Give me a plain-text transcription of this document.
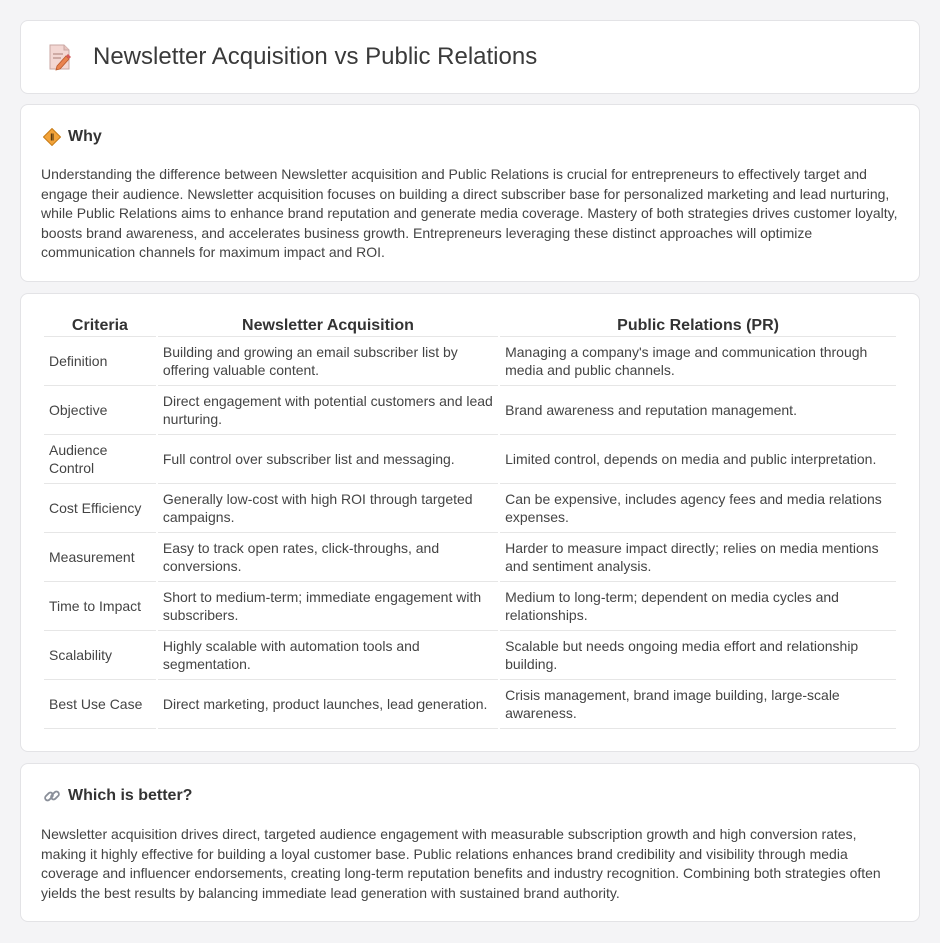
Newsletter Acquisition vs Public Relations
Why

Understanding the difference between Newsletter acquisition and Public Relations is crucial for entrepreneurs to effectively target and engage their audience. Newsletter acquisition focuses on building a direct subscriber base for personalized marketing and lead nurturing, while Public Relations aims to enhance brand reputation and generate media coverage. Mastery of both strategies drives customer loyalty, boosts brand awareness, and accelerates business growth. Entrepreneurs leveraging these distinct approaches will optimize communication channels for maximum impact and ROI.

Criteria	Newsletter Acquisition	Public Relations (PR)
Definition	Building and growing an email subscriber list by offering valuable content.	Managing a company's image and communication through media and public channels.
Objective	Direct engagement with potential customers and lead nurturing.	Brand awareness and reputation management.
Audience Control	Full control over subscriber list and messaging.	Limited control, depends on media and public interpretation.
Cost Efficiency	Generally low-cost with high ROI through targeted campaigns.	Can be expensive, includes agency fees and media relations expenses.
Measurement	Easy to track open rates, click-throughs, and conversions.	Harder to measure impact directly; relies on media mentions and sentiment analysis.
Time to Impact	Short to medium-term; immediate engagement with subscribers.	Medium to long-term; dependent on media cycles and relationships.
Scalability	Highly scalable with automation tools and segmentation.	Scalable but needs ongoing media effort and relationship building.
Best Use Case	Direct marketing, product launches, lead generation.	Crisis management, brand image building, large-scale awareness.
Which is better?

Newsletter acquisition drives direct, targeted audience engagement with measurable subscription growth and high conversion rates, making it highly effective for building a loyal customer base. Public relations enhances brand credibility and visibility through media coverage and influencer endorsements, creating long-term reputation benefits and industry recognition. Combining both strategies often yields the best results by balancing immediate lead generation with sustained brand authority.
